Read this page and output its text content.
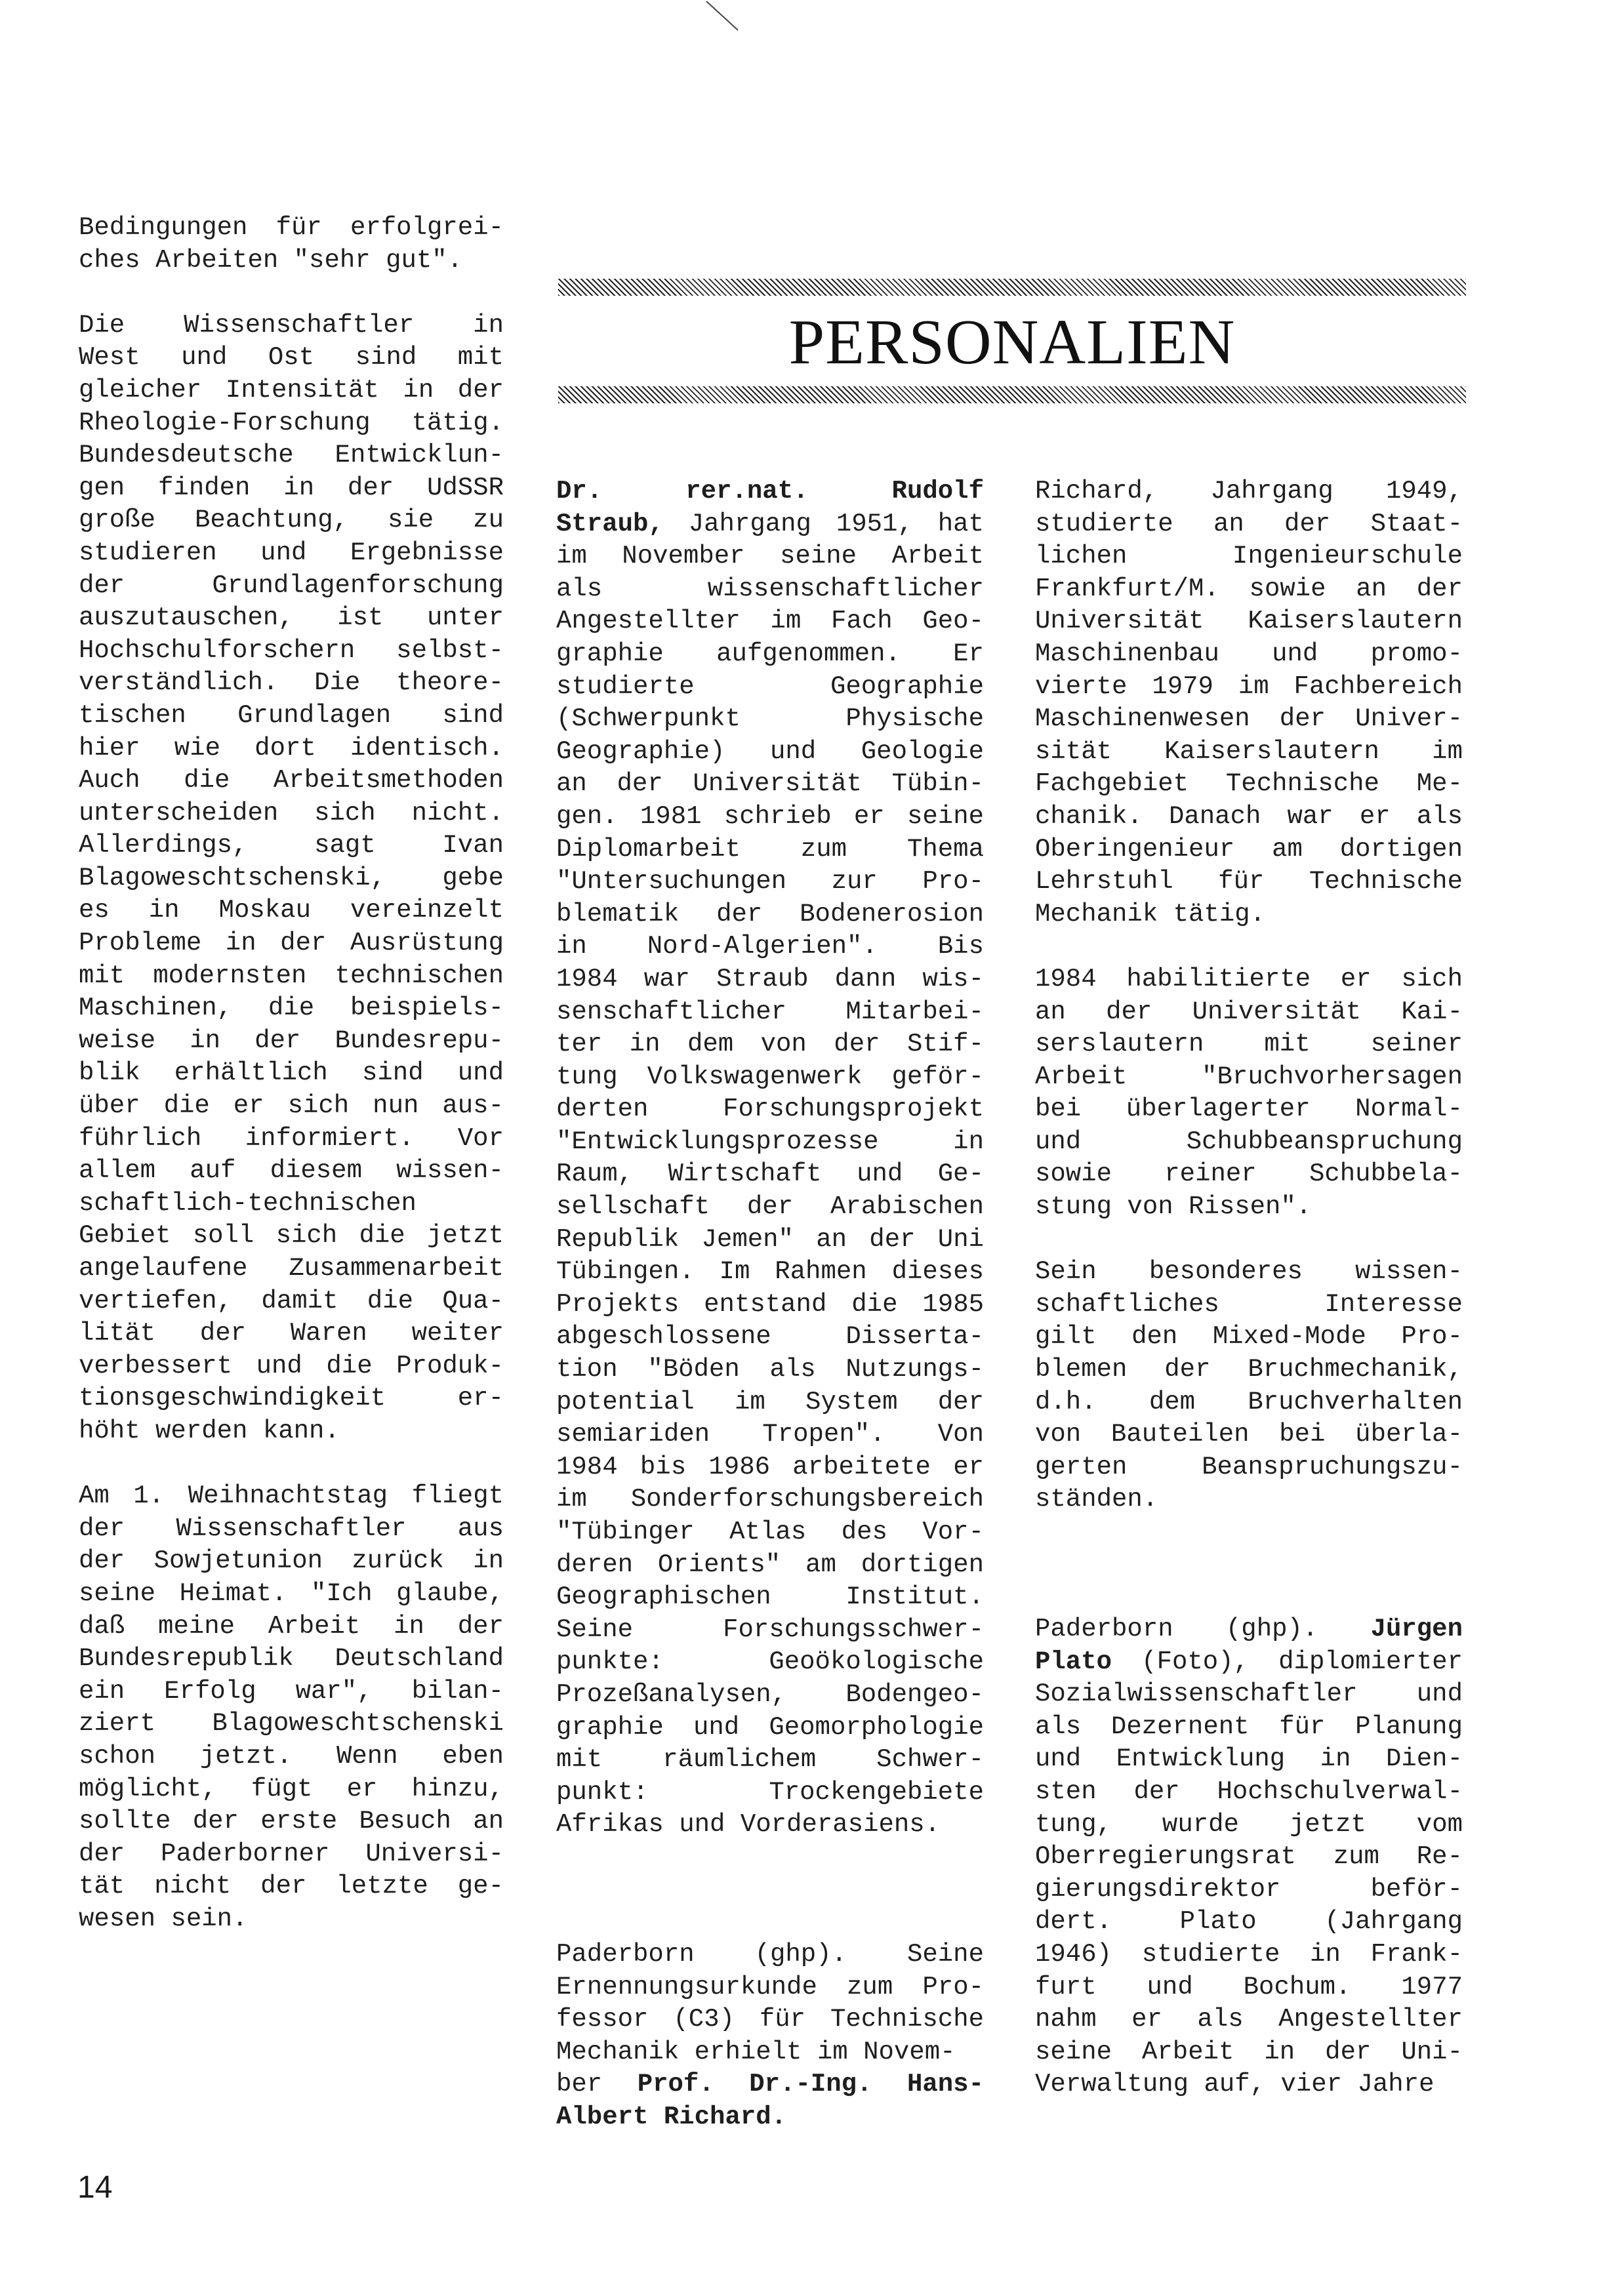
PERSONALIEN

Bedingungen für erfolgrei-

ches Arbeiten "sehr gut".

Die Wissenschaftler in

West und Ost sind mit

gleicher Intensität in der

Rheologie-Forschung tätig.

Bundesdeutsche Entwicklun-

gen finden in der UdSSR

große Beachtung, sie zu

studieren und Ergebnisse

der Grundlagenforschung

auszutauschen, ist unter

Hochschulforschern selbst-

verständlich. Die theore-

tischen Grundlagen sind

hier wie dort identisch.

Auch die Arbeitsmethoden

unterscheiden sich nicht.

Allerdings, sagt Ivan

Blagoweschtschenski, gebe

es in Moskau vereinzelt

Probleme in der Ausrüstung

mit modernsten technischen

Maschinen, die beispiels-

weise in der Bundesrepu-

blik erhältlich sind und

über die er sich nun aus-

führlich informiert. Vor

allem auf diesem wissen-

schaftlich-technischen

Gebiet soll sich die jetzt

angelaufene Zusammenarbeit

vertiefen, damit die Qua-

lität der Waren weiter

verbessert und die Produk-

tionsgeschwindigkeit er-

höht werden kann.

Am 1. Weihnachtstag fliegt

der Wissenschaftler aus

der Sowjetunion zurück in

seine Heimat. "Ich glaube,

daß meine Arbeit in der

Bundesrepublik Deutschland

ein Erfolg war", bilan-

ziert Blagoweschtschenski

schon jetzt. Wenn eben

möglicht, fügt er hinzu,

sollte der erste Besuch an

der Paderborner Universi-

tät nicht der letzte ge-

wesen sein.

Dr. rer.nat. Rudolf

Straub, Jahrgang 1951, hat

im November seine Arbeit

als wissenschaftlicher

Angestellter im Fach Geo-

graphie aufgenommen. Er

studierte Geographie

(Schwerpunkt Physische

Geographie) und Geologie

an der Universität Tübin-

gen. 1981 schrieb er seine

Diplomarbeit zum Thema

"Untersuchungen zur Pro-

blematik der Bodenerosion

in Nord-Algerien". Bis

1984 war Straub dann wis-

senschaftlicher Mitarbei-

ter in dem von der Stif-

tung Volkswagenwerk geför-

derten Forschungsprojekt

"Entwicklungsprozesse in

Raum, Wirtschaft und Ge-

sellschaft der Arabischen

Republik Jemen" an der Uni

Tübingen. Im Rahmen dieses

Projekts entstand die 1985

abgeschlossene Disserta-

tion "Böden als Nutzungs-

potential im System der

semiariden Tropen". Von

1984 bis 1986 arbeitete er

im Sonderforschungsbereich

"Tübinger Atlas des Vor-

deren Orients" am dortigen

Geographischen Institut.

Seine Forschungsschwer-

punkte: Geoökologische

Prozeßanalysen, Bodengeo-

graphie und Geomorphologie

mit räumlichem Schwer-

punkt: Trockengebiete

Afrikas und Vorderasiens.

Paderborn (ghp). Seine

Ernennungsurkunde zum Pro-

fessor (C3) für Technische

Mechanik erhielt im Novem-

ber Prof. Dr.-Ing. Hans-

Albert Richard.

Richard, Jahrgang 1949,

studierte an der Staat-

lichen Ingenieurschule

Frankfurt/M. sowie an der

Universität Kaiserslautern

Maschinenbau und promo-

vierte 1979 im Fachbereich

Maschinenwesen der Univer-

sität Kaiserslautern im

Fachgebiet Technische Me-

chanik. Danach war er als

Oberingenieur am dortigen

Lehrstuhl für Technische

Mechanik tätig.

1984 habilitierte er sich

an der Universität Kai-

serslautern mit seiner

Arbeit "Bruchvorhersagen

bei überlagerter Normal-

und Schubbeanspruchung

sowie reiner Schubbela-

stung von Rissen".

Sein besonderes wissen-

schaftliches Interesse

gilt den Mixed-Mode Pro-

blemen der Bruchmechanik,

d.h. dem Bruchverhalten

von Bauteilen bei überla-

gerten Beanspruchungszu-

ständen.

Paderborn (ghp). Jürgen

Plato (Foto), diplomierter

Sozialwissenschaftler und

als Dezernent für Planung

und Entwicklung in Dien-

sten der Hochschulverwal-

tung, wurde jetzt vom

Oberregierungsrat zum Re-

gierungsdirektor beför-

dert. Plato (Jahrgang

1946) studierte in Frank-

furt und Bochum. 1977

nahm er als Angestellter

seine Arbeit in der Uni-

Verwaltung auf, vier Jahre

14
